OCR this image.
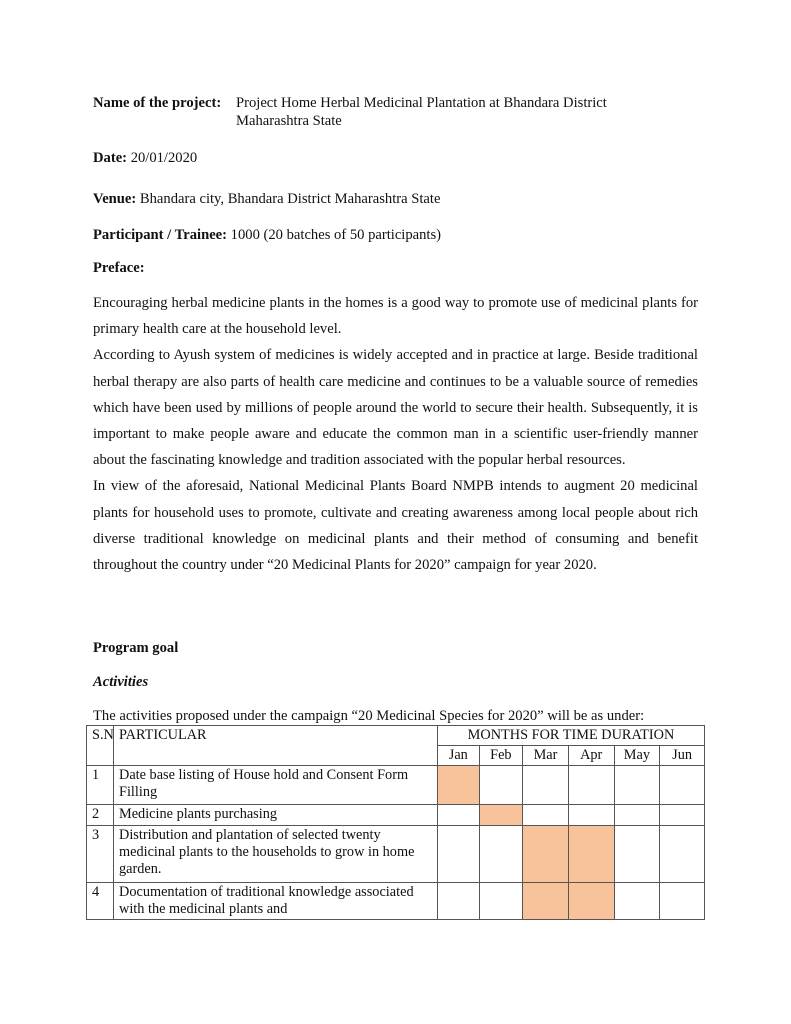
Name of the project:	Project Home Herbal Medicinal Plantation at Bhandara District Maharashtra State
Date: 20/01/2020
Venue: Bhandara city, Bhandara District Maharashtra State
Participant / Trainee: 1000 (20 batches of 50 participants)
Preface:

Encouraging herbal medicine plants in the homes is a good way to promote use of medicinal plants for primary health care at the household level.

According to Ayush system of medicines is widely accepted and in practice at large. Beside traditional herbal therapy are also parts of health care medicine and continues to be a valuable source of remedies which have been used by millions of people around the world to secure their health. Subsequently, it is important to make people aware and educate the common man in a scientific user-friendly manner about the fascinating knowledge and tradition associated with the popular herbal resources.

In view of the aforesaid, National Medicinal Plants Board NMPB intends to augment 20 medicinal plants for household uses to promote, cultivate and creating awareness among local people about rich diverse traditional knowledge on medicinal plants and their method of consuming and benefit throughout the country under “20 Medicinal Plants for 2020” campaign for year 2020.

Program goal
Activities
The activities proposed under the campaign “20 Medicinal Species for 2020” will be as under:
S.N	PARTICULAR	MONTHS FOR TIME DURATION					
		Jan	Feb	Mar	Apr	May	Jun
1	Date base listing of House hold and Consent Form Filling						
2	Medicine plants purchasing						
3	Distribution and plantation of selected twenty medicinal plants to the households to grow in home garden.						
4	Documentation of traditional knowledge associated with the medicinal plants and						
